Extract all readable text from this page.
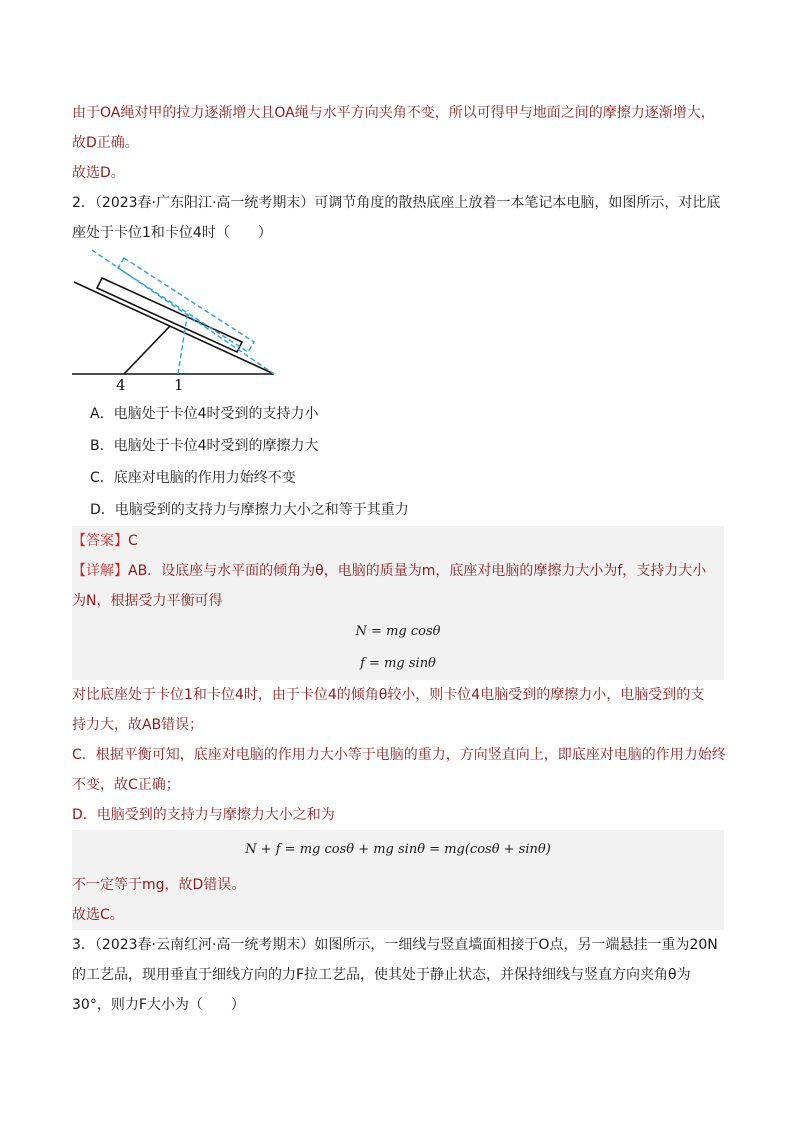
由于OA绳对甲的拉力逐渐增大且OA绳与水平方向夹角不变，所以可得甲与地面之间的摩擦力逐渐增大，
故D正确。
故选D。
2．（2023春·广东阳江·高一统考期末）可调节角度的散热底座上放着一本笔记本电脑，如图所示，对比底
座处于卡位1和卡位4时（　　）
4	1
A．电脑处于卡位4时受到的支持力小
B．电脑处于卡位4时受到的摩擦力大
C．底座对电脑的作用力始终不变
D．电脑受到的支持力与摩擦力大小之和等于其重力
【答案】C
【详解】AB．设底座与水平面的倾角为θ，电脑的质量为m，底座对电脑的摩擦力大小为f，支持力大小
为N，根据受力平衡可得
N = mg cosθ
f = mg sinθ
对比底座处于卡位1和卡位4时，由于卡位4的倾角θ较小，则卡位4电脑受到的摩擦力小，电脑受到的支
持力大，故AB错误；
C．根据平衡可知，底座对电脑的作用力大小等于电脑的重力，方向竖直向上，即底座对电脑的作用力始终
不变，故C正确；
D．电脑受到的支持力与摩擦力大小之和为
N + f = mg cosθ + mg sinθ = mg(cosθ + sinθ)
不一定等于mg，故D错误。
故选C。
3．（2023春·云南红河·高一统考期末）如图所示，一细线与竖直墙面相接于O点，另一端悬挂一重为20N
的工艺品，现用垂直于细线方向的力F拉工艺品，使其处于静止状态，并保持细线与竖直方向夹角θ为
30°，则力F大小为（　　）
